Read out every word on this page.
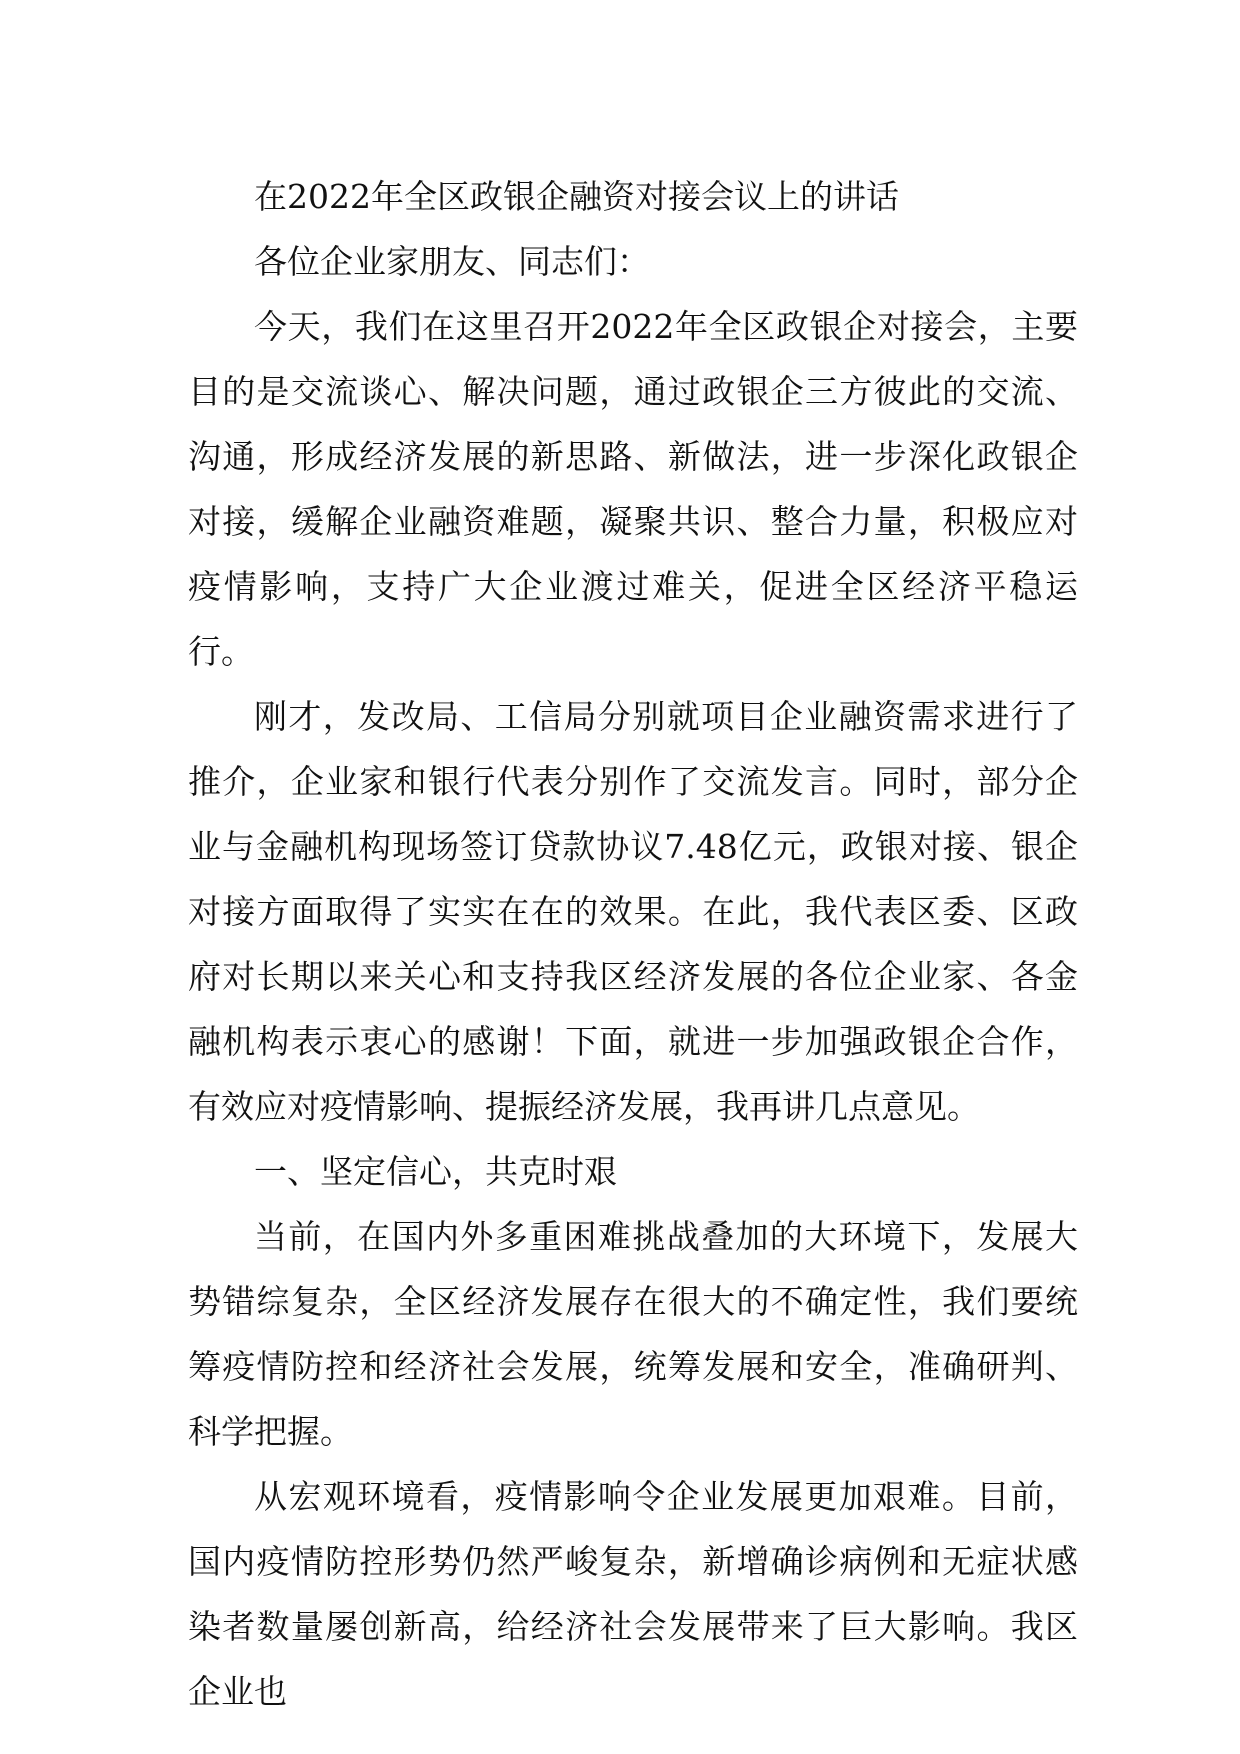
在2022年全区政银企融资对接会议上的讲话

各位企业家朋友、同志们：

今天，我们在这里召开2022年全区政银企对接会，主要目的是交流谈心、解决问题，通过政银企三方彼此的交流、沟通，形成经济发展的新思路、新做法，进一步深化政银企对接，缓解企业融资难题，凝聚共识、整合力量，积极应对疫情影响，支持广大企业渡过难关，促进全区经济平稳运行。

刚才，发改局、工信局分别就项目企业融资需求进行了推介，企业家和银行代表分别作了交流发言。同时，部分企业与金融机构现场签订贷款协议7.48亿元，政银对接、银企对接方面取得了实实在在的效果。在此，我代表区委、区政府对长期以来关心和支持我区经济发展的各位企业家、各金融机构表示衷心的感谢！下面，就进一步加强政银企合作，有效应对疫情影响、提振经济发展，我再讲几点意见。

一、坚定信心，共克时艰

当前，在国内外多重困难挑战叠加的大环境下，发展大势错综复杂，全区经济发展存在很大的不确定性，我们要统筹疫情防控和经济社会发展，统筹发展和安全，准确研判、科学把握。

从宏观环境看，疫情影响令企业发展更加艰难。目前，国内疫情防控形势仍然严峻复杂，新增确诊病例和无症状感染者数量屡创新高，给经济社会发展带来了巨大影响。我区企业也
